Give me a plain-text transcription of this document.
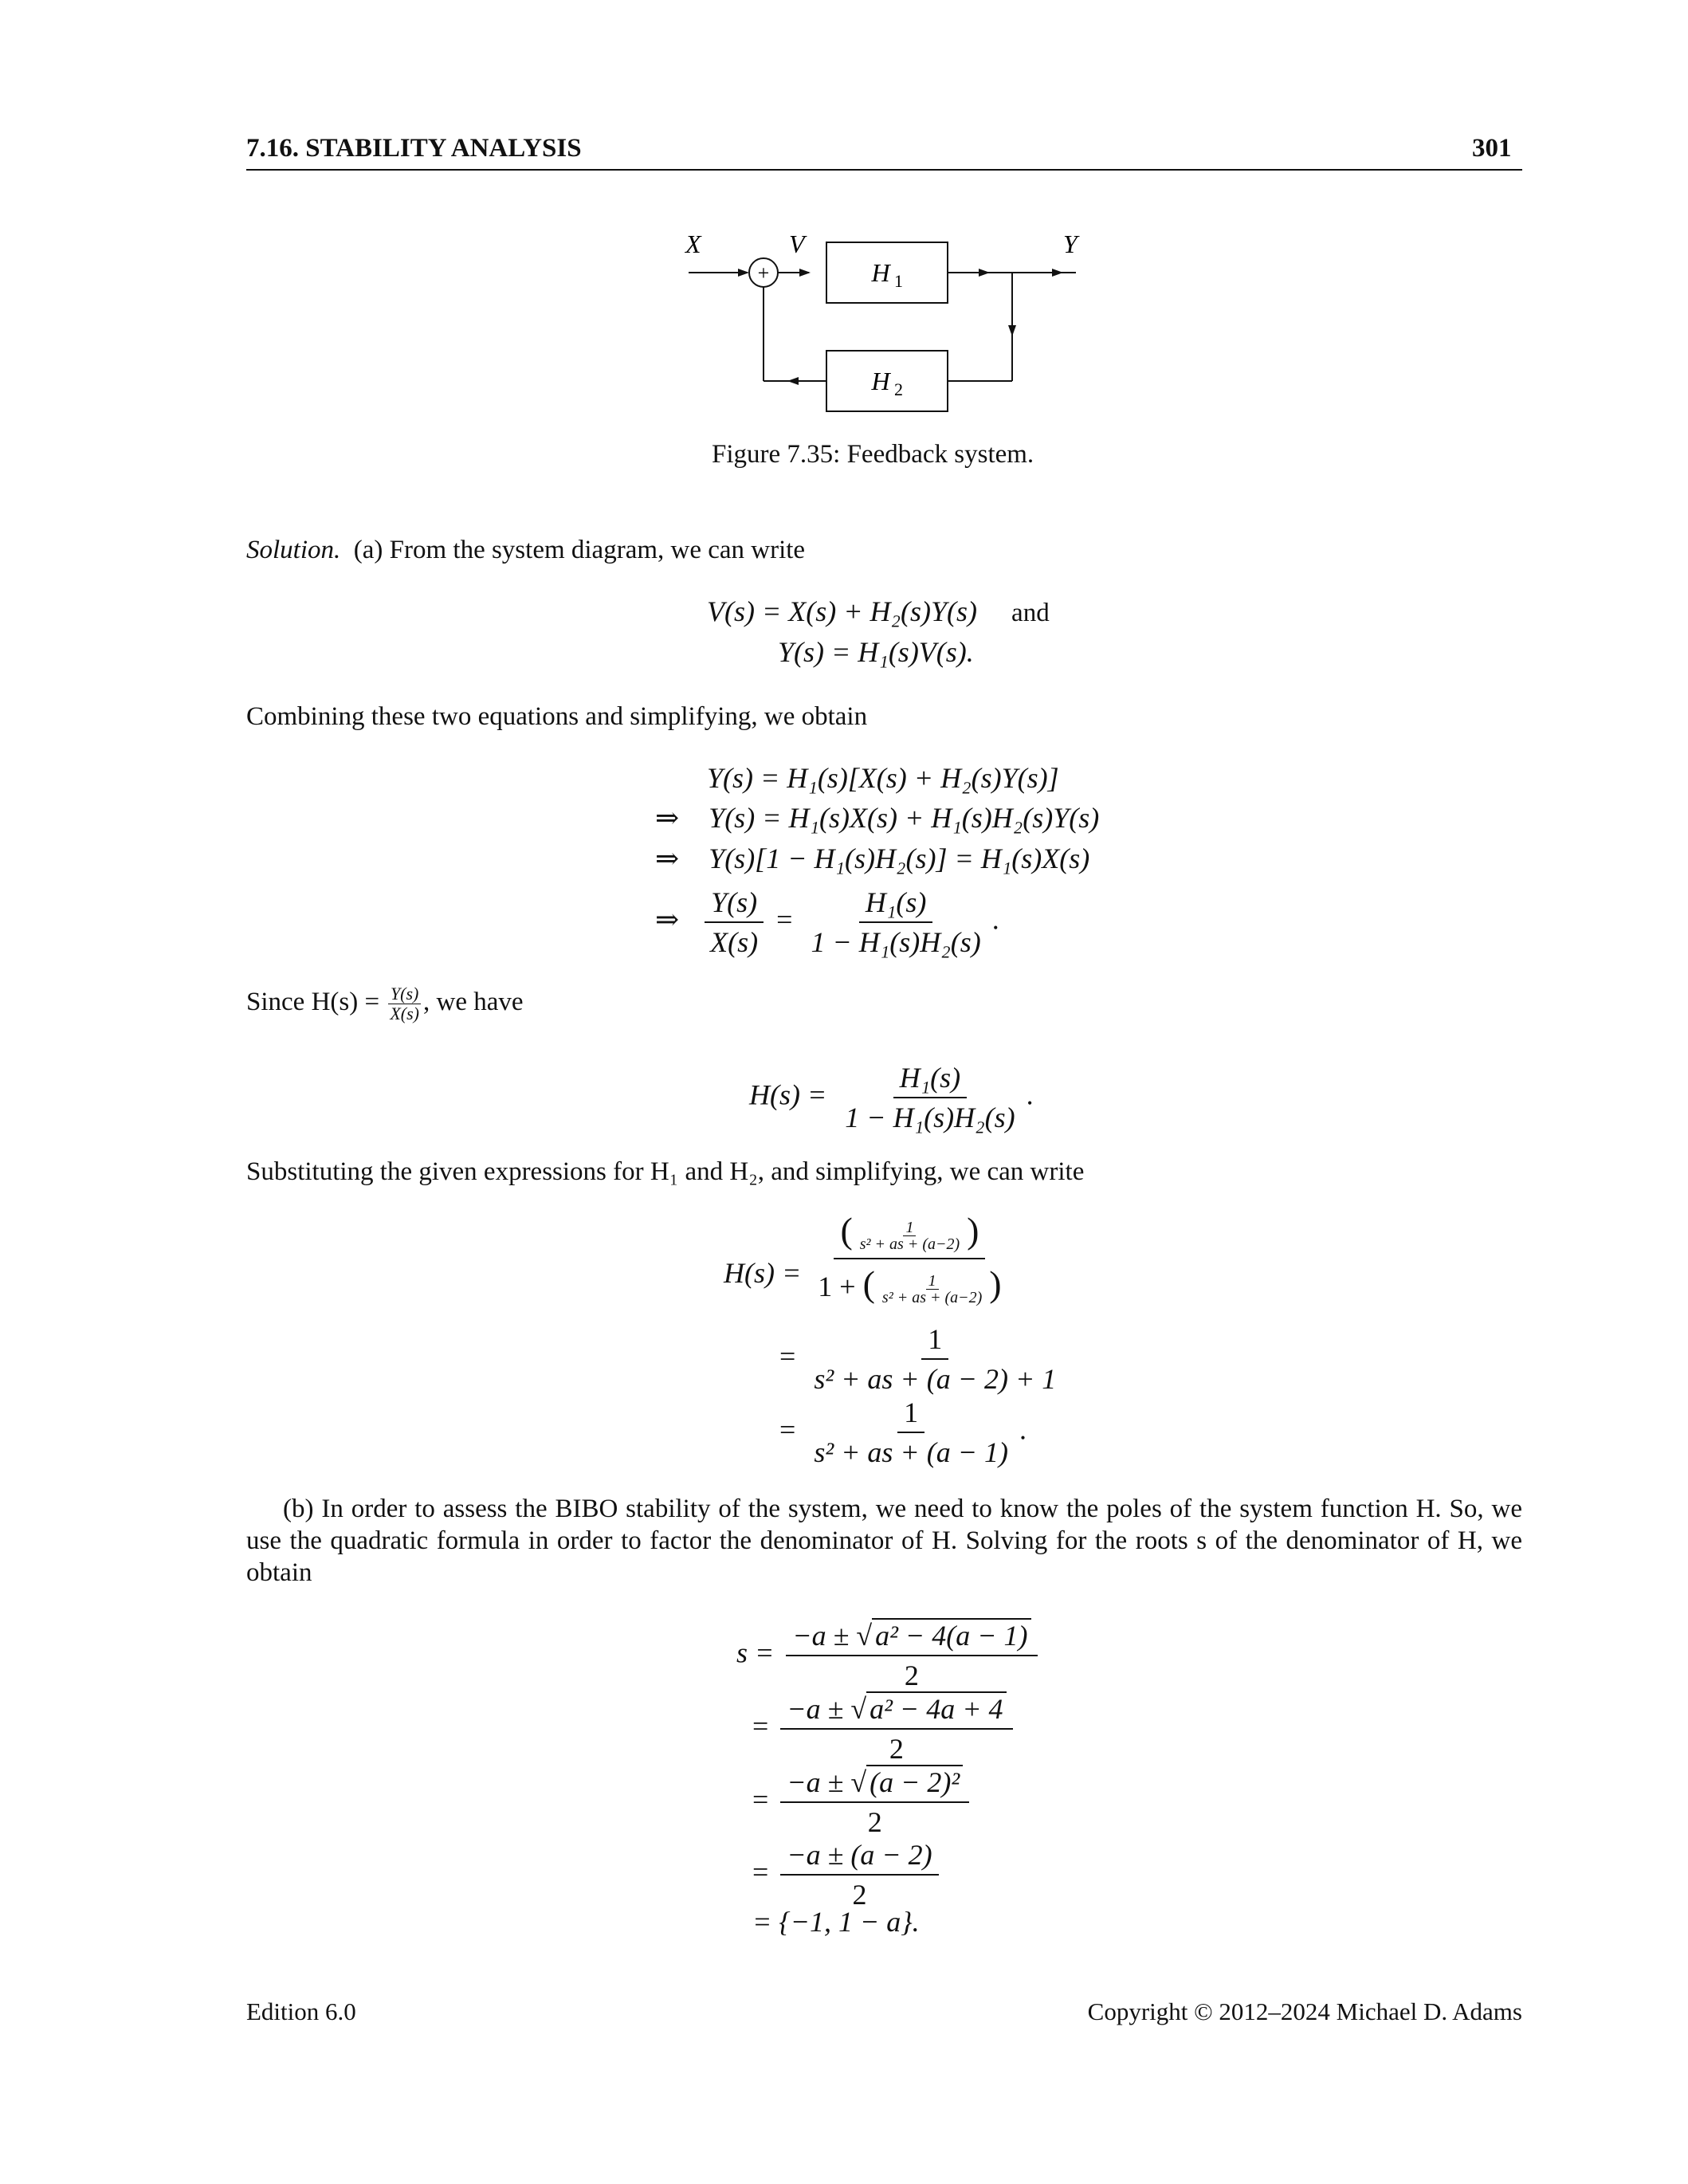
7.16. STABILITY ANALYSIS	301
+	H 1
H 2
X	V	Y
Figure 7.35: Feedback system.
Solution. (a) From the system diagram, we can write
V(s) = X(s) + H₂(s)Y(s) and
Y(s) = H₁(s)V(s).
Combining these two equations and simplifying, we obtain
Y(s) = H₁(s)[X(s) + H₂(s)Y(s)]
⇒ Y(s) = H₁(s)X(s) + H₁(s)H₂(s)Y(s)
⇒ Y(s)[1 − H₁(s)H₂(s)] = H₁(s)X(s)
⇒ $\frac{Y(s)}{X(s)} = \frac{\text{H₁(s)}}{\text{1 − H₁(s)H₂(s)}}$ .
Since $H(s) = \frac{Y(s)}{X(s)}$ , we have
$H(s) = \frac{\text{H₁(s)}}{\text{1 − H₁(s)H₂(s)}}$ .
Substituting the given expressions for H₁ and H₂, and simplifying, we can write
$H(s) = \frac{( \frac{1}{\text{s² + as + (a−2)}} )}{1 + ( \frac{1}{\text{s² + as + (a−2)}} )}$
= $\frac{1}{\text{s² + as + (a − 2) + 1}}$
= $\frac{1}{\text{s² + as + (a − 1)}}$ .
(b) In order to assess the BIBO stability of the system, we need to know the poles of the system function H. So, we use the quadratic formula in order to factor the denominator of H. Solving for the roots s of the denominator of H, we obtain
$s = \frac{\text{−a ± √ a² − 4(a − 1)}}{2}$
= $\frac{\text{−a ± √ a² − 4a + 4}}{2}$
= $\frac{\text{−a ± √ (a − 2)²}}{2}$
= $\frac{-a \pm (a - 2)}{2}$
= {−1, 1 − a}.
Edition 6.0	Copyright © 2012–2024 Michael D. Adams
